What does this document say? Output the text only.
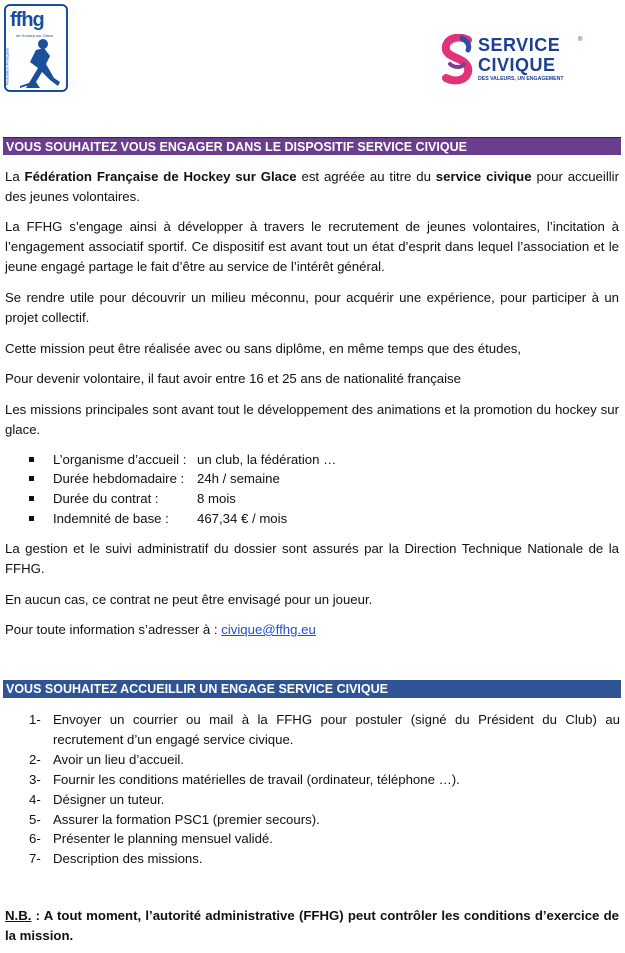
ffhg
de Hockey sur Glace
Fédération Française
SERVICE	®
CIVIQUE
DES VALEURS, UN ENGAGEMENT
VOUS SOUHAITEZ VOUS ENGAGER DANS LE DISPOSITIF SERVICE CIVIQUE

La Fédération Française de Hockey sur Glace est agréée au titre du service civique pour accueillir des jeunes volontaires.

La FFHG s’engage ainsi à développer à travers le recrutement de jeunes volontaires, l’incitation à l’engagement associatif sportif. Ce dispositif est avant tout un état d’esprit dans lequel l’association et le jeune engagé partage le fait d’être au service de l’intérêt général.

Se rendre utile pour découvrir un milieu méconnu, pour acquérir une expérience, pour participer à un projet collectif.

Cette mission peut être réalisée avec ou sans diplôme, en même temps que des études,

Pour devenir volontaire, il faut avoir entre 16 et 25 ans de nationalité française

Les missions principales sont avant tout le développement des animations et la promotion du hockey sur glace.

L’organisme d’accueil : un club, la fédération …
Durée hebdomadaire : 24h / semaine
Durée du contrat :	8 mois
Indemnité de base : 467,34 € / mois

La gestion et le suivi administratif du dossier sont assurés par la Direction Technique Nationale de la FFHG.

En aucun cas, ce contrat ne peut être envisagé pour un joueur.

Pour toute information s’adresser à : civique@ffhg.eu

VOUS SOUHAITEZ ACCUEILLIR UN ENGAGE SERVICE CIVIQUE
1- Envoyer un courrier ou mail à la FFHG pour postuler (signé du Président du Club) au recrutement d’un engagé service civique.
2- Avoir un lieu d’accueil.
3- Fournir les conditions matérielles de travail (ordinateur, téléphone …).
4- Désigner un tuteur.
5- Assurer la formation PSC1 (premier secours).
6- Présenter le planning mensuel validé.
7- Description des missions.
N.B. : A tout moment, l’autorité administrative (FFHG) peut contrôler les conditions d’exercice de la mission.
